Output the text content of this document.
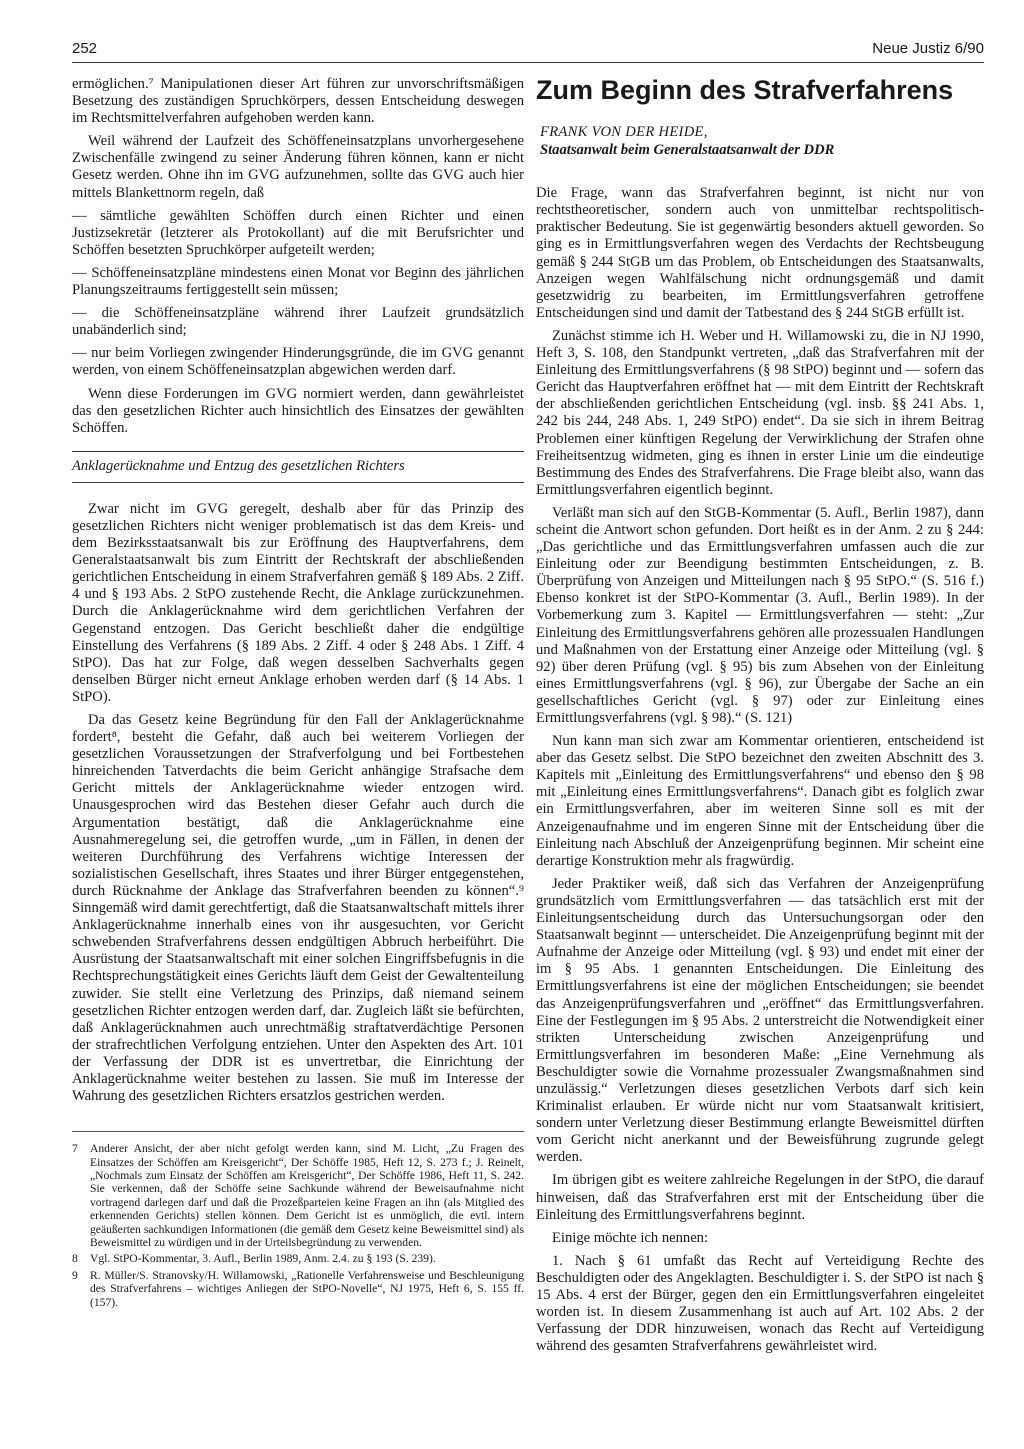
252	Neue Justiz 6/90

ermöglichen.⁷ Manipulationen dieser Art führen zur unvorschriftsmäßigen Besetzung des zuständigen Spruchkörpers, dessen Entscheidung deswegen im Rechtsmittelverfahren aufgehoben werden kann.

Weil während der Laufzeit des Schöffeneinsatzplans unvorhergesehene Zwischenfälle zwingend zu seiner Änderung führen können, kann er nicht Gesetz werden. Ohne ihn im GVG aufzunehmen, sollte das GVG auch hier mittels Blankettnorm regeln, daß

— sämtliche gewählten Schöffen durch einen Richter und einen Justizsekretär (letzterer als Protokollant) auf die mit Berufsrichter und Schöffen besetzten Spruchkörper aufgeteilt werden;

— Schöffeneinsatzpläne mindestens einen Monat vor Beginn des jährlichen Planungszeitraums fertiggestellt sein müssen;

— die Schöffeneinsatzpläne während ihrer Laufzeit grundsätzlich unabänderlich sind;

— nur beim Vorliegen zwingender Hinderungsgründe, die im GVG genannt werden, von einem Schöffeneinsatzplan abgewichen werden darf.

Wenn diese Forderungen im GVG normiert werden, dann gewährleistet das den gesetzlichen Richter auch hinsichtlich des Einsatzes der gewählten Schöffen.

Anklagerücknahme und Entzug des gesetzlichen Richters

Zwar nicht im GVG geregelt, deshalb aber für das Prinzip des gesetzlichen Richters nicht weniger problematisch ist das dem Kreis- und dem Bezirksstaatsanwalt bis zur Eröffnung des Hauptverfahrens, dem Generalstaatsanwalt bis zum Eintritt der Rechtskraft der abschließenden gerichtlichen Entscheidung in einem Strafverfahren gemäß § 189 Abs. 2 Ziff. 4 und § 193 Abs. 2 StPO zustehende Recht, die Anklage zurückzunehmen. Durch die Anklagerücknahme wird dem gerichtlichen Verfahren der Gegenstand entzogen. Das Gericht beschließt daher die endgültige Einstellung des Verfahrens (§ 189 Abs. 2 Ziff. 4 oder § 248 Abs. 1 Ziff. 4 StPO). Das hat zur Folge, daß wegen desselben Sachverhalts gegen denselben Bürger nicht erneut Anklage erhoben werden darf (§ 14 Abs. 1 StPO).

Da das Gesetz keine Begründung für den Fall der Anklagerücknahme fordert⁸, besteht die Gefahr, daß auch bei weiterem Vorliegen der gesetzlichen Voraussetzungen der Strafverfolgung und bei Fortbestehen hinreichenden Tatverdachts die beim Gericht anhängige Strafsache dem Gericht mittels der Anklagerücknahme wieder entzogen wird. Unausgesprochen wird das Bestehen dieser Gefahr auch durch die Argumentation bestätigt, daß die Anklagerücknahme eine Ausnahmeregelung sei, die getroffen wurde, „um in Fällen, in denen der weiteren Durchführung des Verfahrens wichtige Interessen der sozialistischen Gesellschaft, ihres Staates und ihrer Bürger entgegenstehen, durch Rücknahme der Anklage das Strafverfahren beenden zu können“.⁹ Sinngemäß wird damit gerechtfertigt, daß die Staatsanwaltschaft mittels ihrer Anklagerücknahme innerhalb eines von ihr ausgesuchten, vor Gericht schwebenden Strafverfahrens dessen endgültigen Abbruch herbeiführt. Die Ausrüstung der Staatsanwaltschaft mit einer solchen Eingriffsbefugnis in die Rechtsprechungstätigkeit eines Gerichts läuft dem Geist der Gewaltenteilung zuwider. Sie stellt eine Verletzung des Prinzips, daß niemand seinem gesetzlichen Richter entzogen werden darf, dar. Zugleich läßt sie befürchten, daß Anklagerücknahmen auch unrechtmäßig straftatverdächtige Personen der strafrechtlichen Verfolgung entziehen. Unter den Aspekten des Art. 101 der Verfassung der DDR ist es unvertretbar, die Einrichtung der Anklagerücknahme weiter bestehen zu lassen. Sie muß im Interesse der Wahrung des gesetzlichen Richters ersatzlos gestrichen werden.

7	Anderer Ansicht, der aber nicht gefolgt werden kann, sind M. Licht, „Zu Fragen des Einsatzes der Schöffen am Kreisgericht“, Der Schöffe 1985, Heft 12, S. 273 f.; J. Reinelt, „Nochmals zum Einsatz der Schöffen am Kreisgericht“, Der Schöffe 1986, Heft 11, S. 242. Sie verkennen, daß der Schöffe seine Sachkunde während der Beweisaufnahme nicht vortragend darlegen darf und daß die Prozeßparteien keine Fragen an ihn (als Mitglied des erkennenden Gerichts) stellen können. Dem Gericht ist es unmöglich, die evtl. intern geäußerten sachkundigen Informationen (die gemäß dem Gesetz keine Beweismittel sind) als Beweismittel zu würdigen und in der Urteilsbegründung zu verwenden.
8	Vgl. StPO-Kommentar, 3. Aufl., Berlin 1989, Anm. 2.4. zu § 193 (S. 239).
9	R. Müller/S. Stranovsky/H. Willamowski, „Rationelle Verfahrensweise und Beschleunigung des Strafverfahrens – wichtiges Anliegen der StPO-Novelle“, NJ 1975, Heft 6, S. 155 ff. (157).
Zum Beginn des Strafverfahrens
FRANK VON DER HEIDE,
Staatsanwalt beim Generalstaatsanwalt der DDR

Die Frage, wann das Strafverfahren beginnt, ist nicht nur von rechtstheoretischer, sondern auch von unmittelbar rechtspolitisch-praktischer Bedeutung. Sie ist gegenwärtig besonders aktuell geworden. So ging es in Ermittlungsverfahren wegen des Verdachts der Rechtsbeugung gemäß § 244 StGB um das Problem, ob Entscheidungen des Staatsanwalts, Anzeigen wegen Wahlfälschung nicht ordnungsgemäß und damit gesetzwidrig zu bearbeiten, im Ermittlungsverfahren getroffene Entscheidungen sind und damit der Tatbestand des § 244 StGB erfüllt ist.

Zunächst stimme ich H. Weber und H. Willamowski zu, die in NJ 1990, Heft 3, S. 108, den Standpunkt vertreten, „daß das Strafverfahren mit der Einleitung des Ermittlungsverfahrens (§ 98 StPO) beginnt und — sofern das Gericht das Hauptverfahren eröffnet hat — mit dem Eintritt der Rechtskraft der abschließenden gerichtlichen Entscheidung (vgl. insb. §§ 241 Abs. 1, 242 bis 244, 248 Abs. 1, 249 StPO) endet“. Da sie sich in ihrem Beitrag Problemen einer künftigen Regelung der Verwirklichung der Strafen ohne Freiheitsentzug widmeten, ging es ihnen in erster Linie um die eindeutige Bestimmung des Endes des Strafverfahrens. Die Frage bleibt also, wann das Ermittlungsverfahren eigentlich beginnt.

Verläßt man sich auf den StGB-Kommentar (5. Aufl., Berlin 1987), dann scheint die Antwort schon gefunden. Dort heißt es in der Anm. 2 zu § 244: „Das gerichtliche und das Ermittlungsverfahren umfassen auch die zur Einleitung oder zur Beendigung bestimmten Entscheidungen, z. B. Überprüfung von Anzeigen und Mitteilungen nach § 95 StPO.“ (S. 516 f.) Ebenso konkret ist der StPO-Kommentar (3. Aufl., Berlin 1989). In der Vorbemerkung zum 3. Kapitel — Ermittlungsverfahren — steht: „Zur Einleitung des Ermittlungsverfahrens gehören alle prozessualen Handlungen und Maßnahmen von der Erstattung einer Anzeige oder Mitteilung (vgl. § 92) über deren Prüfung (vgl. § 95) bis zum Absehen von der Einleitung eines Ermittlungsverfahrens (vgl. § 96), zur Übergabe der Sache an ein gesellschaftliches Gericht (vgl. § 97) oder zur Einleitung eines Ermittlungsverfahrens (vgl. § 98).“ (S. 121)

Nun kann man sich zwar am Kommentar orientieren, entscheidend ist aber das Gesetz selbst. Die StPO bezeichnet den zweiten Abschnitt des 3. Kapitels mit „Einleitung des Ermittlungsverfahrens“ und ebenso den § 98 mit „Einleitung eines Ermittlungsverfahrens“. Danach gibt es folglich zwar ein Ermittlungsverfahren, aber im weiteren Sinne soll es mit der Anzeigenaufnahme und im engeren Sinne mit der Entscheidung über die Einleitung nach Abschluß der Anzeigenprüfung beginnen. Mir scheint eine derartige Konstruktion mehr als fragwürdig.

Jeder Praktiker weiß, daß sich das Verfahren der Anzeigenprüfung grundsätzlich vom Ermittlungsverfahren — das tatsächlich erst mit der Einleitungsentscheidung durch das Untersuchungsorgan oder den Staatsanwalt beginnt — unterscheidet. Die Anzeigenprüfung beginnt mit der Aufnahme der Anzeige oder Mitteilung (vgl. § 93) und endet mit einer der im § 95 Abs. 1 genannten Entscheidungen. Die Einleitung des Ermittlungsverfahrens ist eine der möglichen Entscheidungen; sie beendet das Anzeigenprüfungsverfahren und „eröffnet“ das Ermittlungsverfahren. Eine der Festlegungen im § 95 Abs. 2 unterstreicht die Notwendigkeit einer strikten Unterscheidung zwischen Anzeigenprüfung und Ermittlungsverfahren im besonderen Maße: „Eine Vernehmung als Beschuldigter sowie die Vornahme prozessualer Zwangsmaßnahmen sind unzulässig.“ Verletzungen dieses gesetzlichen Verbots darf sich kein Kriminalist erlauben. Er würde nicht nur vom Staatsanwalt kritisiert, sondern unter Verletzung dieser Bestimmung erlangte Beweismittel dürften vom Gericht nicht anerkannt und der Beweisführung zugrunde gelegt werden.

Im übrigen gibt es weitere zahlreiche Regelungen in der StPO, die darauf hinweisen, daß das Strafverfahren erst mit der Entscheidung über die Einleitung des Ermittlungsverfahrens beginnt.

Einige möchte ich nennen:

1. Nach § 61 umfaßt das Recht auf Verteidigung Rechte des Beschuldigten oder des Angeklagten. Beschuldigter i. S. der StPO ist nach § 15 Abs. 4 erst der Bürger, gegen den ein Ermittlungsverfahren eingeleitet worden ist. In diesem Zusammenhang ist auch auf Art. 102 Abs. 2 der Verfassung der DDR hinzuweisen, wonach das Recht auf Verteidigung während des gesamten Strafverfahrens gewährleistet wird.
